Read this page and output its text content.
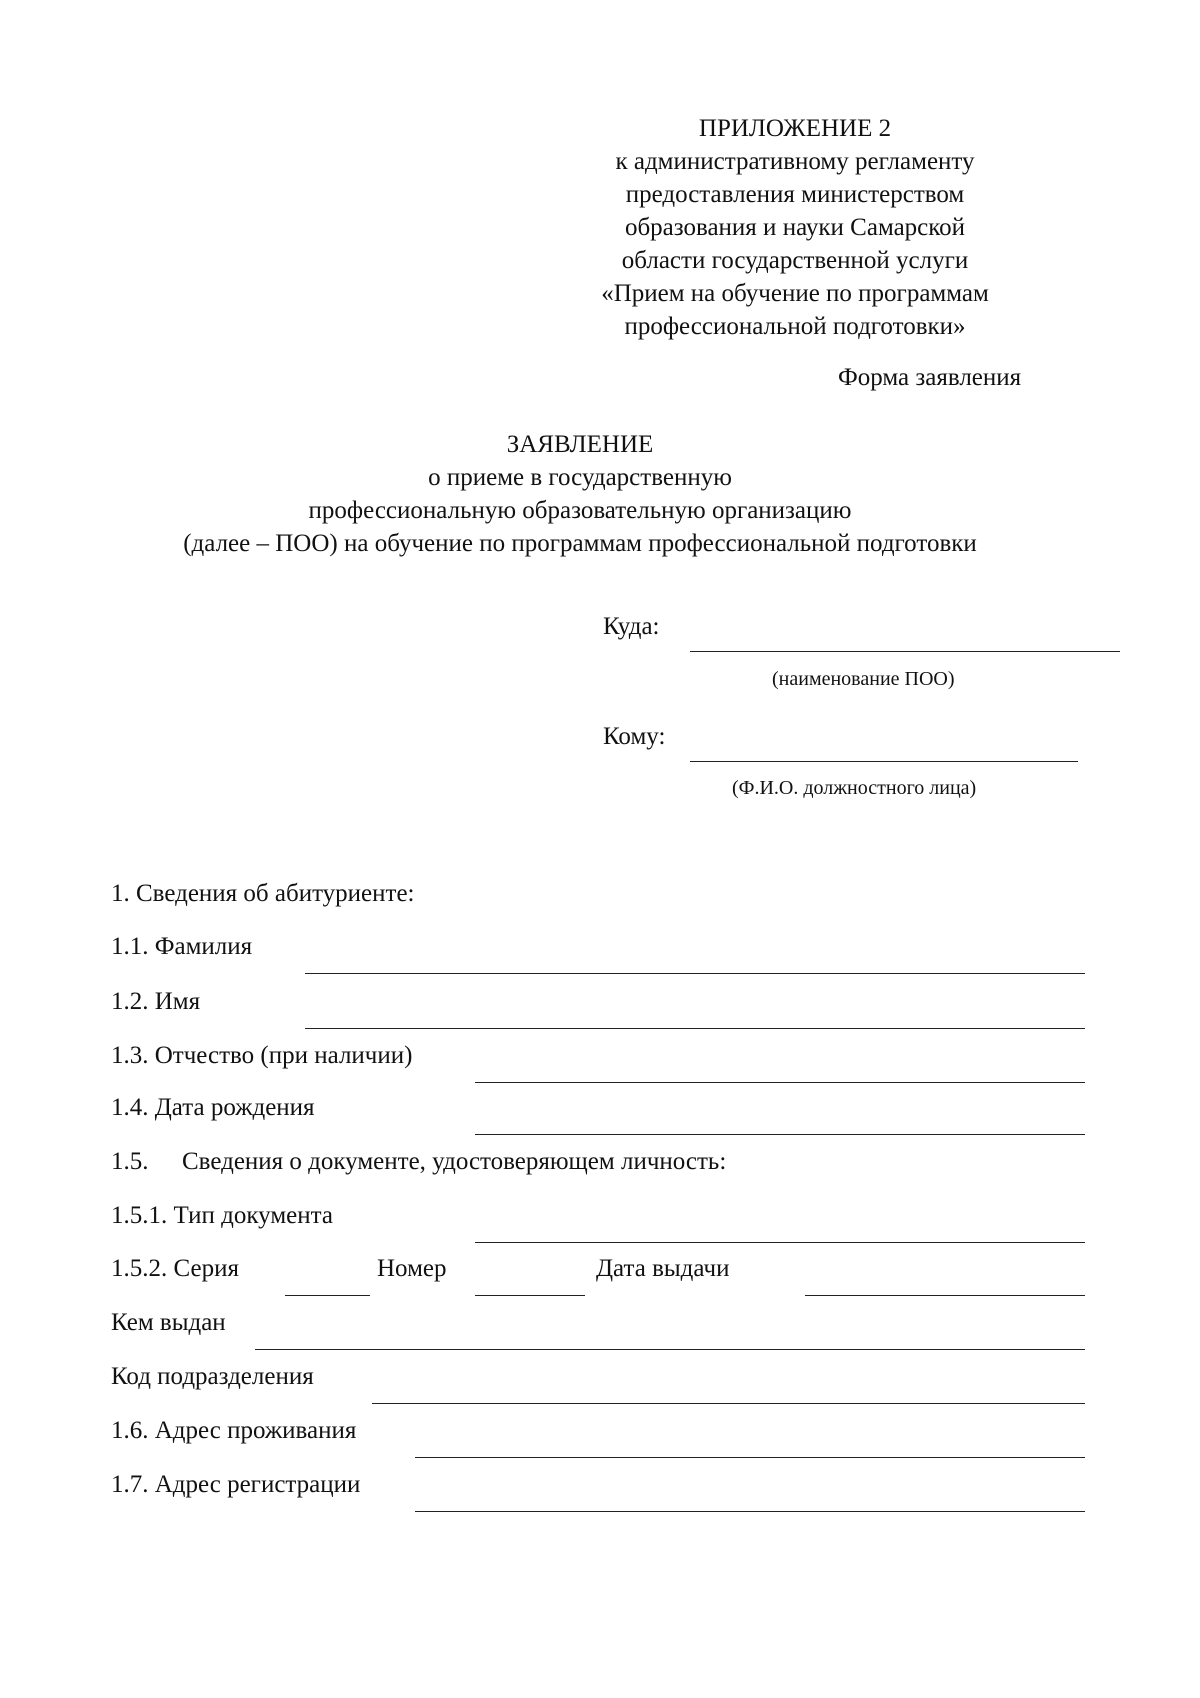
ПРИЛОЖЕНИЕ 2
к административному регламенту
предоставления министерством
образования и науки Самарской
области государственной услуги
«Прием на обучение по программам
профессиональной подготовки»
Форма заявления
ЗАЯВЛЕНИЕ
о приеме в государственную
профессиональную образовательную организацию
(далее – ПОО) на обучение по программам профессиональной подготовки
Куда:
(наименование ПОО)
Кому:
(Ф.И.О. должностного лица)
1. Сведения об абитуриенте:
1.1. Фамилия
1.2. Имя
1.3. Отчество (при наличии)
1.4. Дата рождения
1.5. Сведения о документе, удостоверяющем личность:
1.5.1. Тип документа
1.5.2. Серия	Номер	Дата выдачи
Кем выдан
Код подразделения
1.6. Адрес проживания
1.7. Адрес регистрации
